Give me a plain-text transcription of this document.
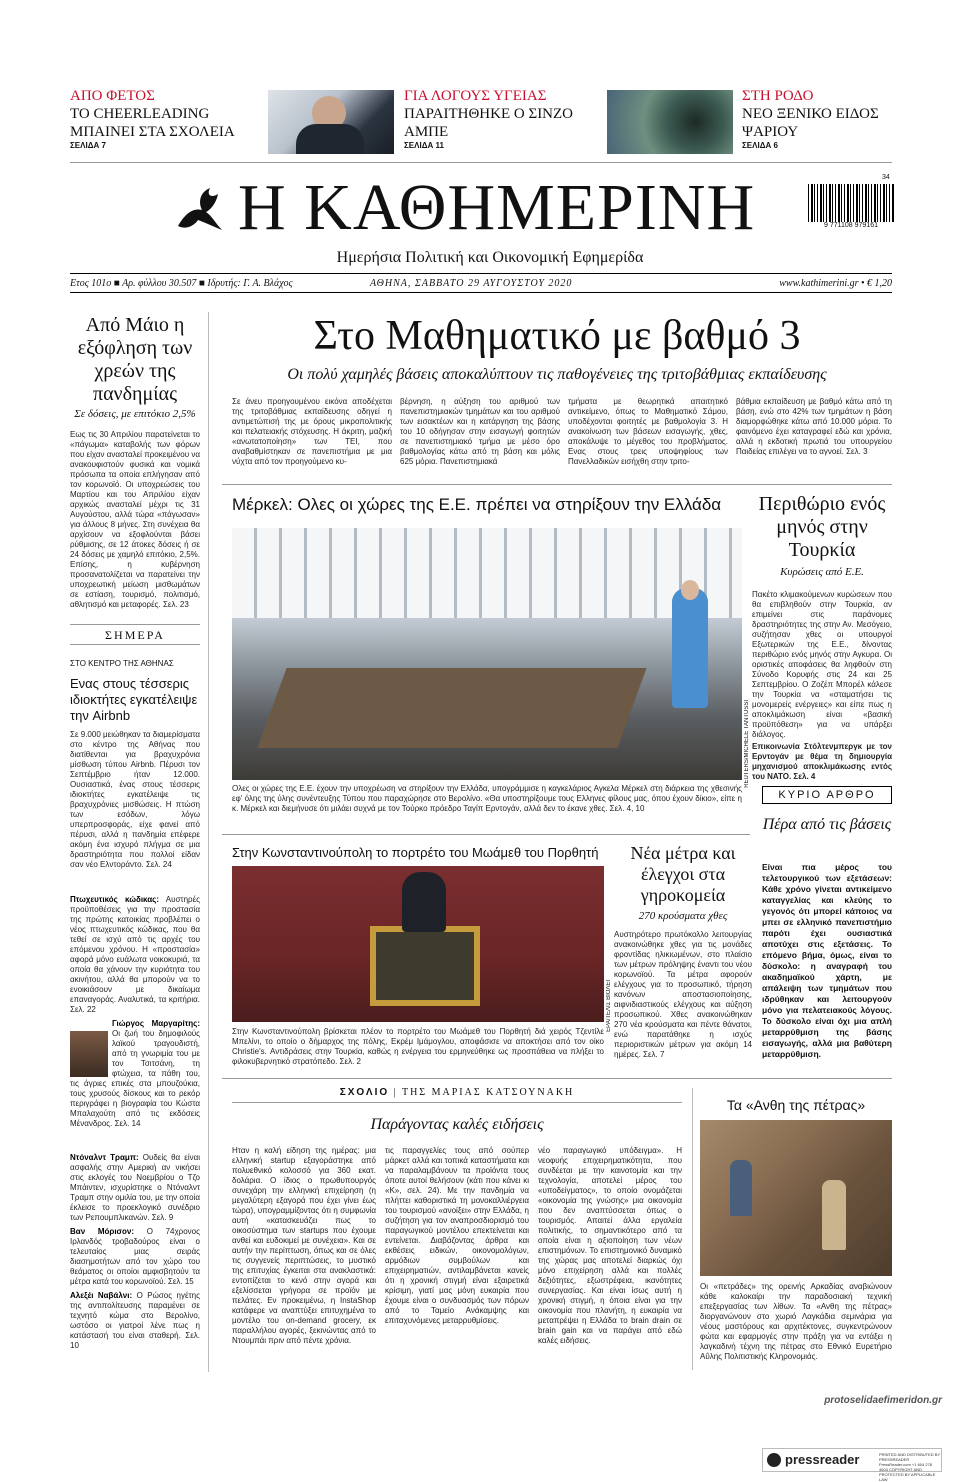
ΑΠΟ ΦΕΤΟΣ
ΤΟ CHEERLEADING ΜΠΑΙΝΕΙ ΣΤΑ ΣΧΟΛΕΙΑ
ΣΕΛΙΔΑ 7
ΓΙΑ ΛΟΓΟΥΣ ΥΓΕΙΑΣ
ΠΑΡΑΙΤΗΘΗΚΕ Ο ΣΙΝΖΟ ΑΜΠΕ
ΣΕΛΙΔΑ 11
ΣΤΗ ΡΟΔΟ
ΝΕΟ ΞΕΝΙΚΟ ΕΙΔΟΣ ΨΑΡΙΟΥ
ΣΕΛΙΔΑ 6
Η ΚΑΘΗΜΕΡΙΝΗ
Ημερήσια Πολιτική και Οικονομική Εφημερίδα
9 771108 979161
34
Ετος 101ο ■ Αρ. φύλλου 30.507 ■ Ιδρυτής: Γ. Α. Βλάχος	ΑΘΗΝΑ, ΣΑΒΒΑΤΟ 29 ΑΥΓΟΥΣΤΟΥ 2020	www.kathimerini.gr • € 1,20
Από Μάιο η εξόφληση των χρεών της πανδημίας
Σε δόσεις, με επιτόκιο 2,5%
Εως τις 30 Απριλίου παρατείνεται το «πάγωμα» καταβολής των φόρων που είχαν ανασταλεί προκειμένου να ανακουφιστούν φυσικά και νομικά πρόσωπα τα οποία επλήγησαν από τον κορωνοϊό. Οι υποχρεώσεις του Μαρτίου και του Απριλίου είχαν αρχικώς ανασταλεί μέχρι τις 31 Αυγούστου, αλλά τώρα «πάγωσαν» για άλλους 8 μήνες. Στη συνέχεια θα αρχίσουν να εξοφλούνται βάσει ρύθμισης, σε 12 άτοκες δόσεις ή σε 24 δόσεις με χαμηλό επιτόκιο, 2,5%. Επίσης, η κυβέρνηση προσανατολίζεται να παρατείνει την υποχρεωτική μείωση μισθωμάτων σε εστίαση, τουρισμό, πολιτισμό, αθλητισμό και μεταφορές. Σελ. 23
ΣΗΜΕΡΑ
ΣΤΟ ΚΕΝΤΡΟ ΤΗΣ ΑΘΗΝΑΣ
Ενας στους τέσσερις ιδιοκτήτες εγκατέλειψε την Airbnb
Σε 9.000 μειώθηκαν τα διαμερίσματα στο κέντρο της Αθήνας που διατίθενται για βραχυχρόνια μίσθωση τύπου Airbnb. Πέρυσι τον Σεπτέμβριο ήταν 12.000. Ουσιαστικά, ένας στους τέσσερις ιδιοκτήτες εγκατέλειψε τις βραχυχρόνιες μισθώσεις. Η πτώση των εσόδων, λόγω υπερπροσφοράς, είχε φανεί από πέρυσι, αλλά η πανδημία επέφερε ακόμη ένα ισχυρό πλήγμα σε μια δραστηριότητα που πολλοί είδαν σαν νέο Ελντοράντο. Σελ. 24
Πτωχευτικός κώδικας: Αυστηρές προϋποθέσεις για την προστασία της πρώτης κατοικίας προβλέπει ο νέος πτωχευτικός κώδικας, που θα τεθεί σε ισχύ από τις αρχές του επόμενου χρόνου. Η «προστασία» αφορά μόνο ευάλωτα νοικοκυριά, τα οποία θα χάνουν την κυριότητα του ακινήτου, αλλά θα μπορούν να το ενοικιάσουν με δικαίωμα επαναγοράς. Αναλυτικά, τα κριτήρια. Σελ. 22
Γιώργος Μαργαρίτης: Οι ζωή του δημοφιλούς λαϊκού τραγουδιστή, από τη γνωριμία του με τον Τσιτσάνη, τη φτώχεια, τα πάθη του, τις άγριες επικές στα μπουζούκια, τους χρυσούς δίσκους και το ρεκόρ περιγράφει η βιογραφία του Κώστα Μπαλαχούτη από τις εκδόσεις Μένανδρος. Σελ. 14
Ντόναλντ Τραμπ: Ουδείς θα είναι ασφαλής στην Αμερική αν νικήσει στις εκλογές του Νοεμβρίου ο Τζο Μπάιντεν, ισχυρίστηκε ο Ντόναλντ Τραμπ στην ομιλία του, με την οποία έκλεισε το προεκλογικό συνέδριο των Ρεπουμπλικανών. Σελ. 9
Βαν Μόρισον: Ο 74χρονος Ιρλανδός τροβαδούρος είναι ο τελευταίος μιας σειράς διασημοτήτων από τον χώρο του θεάματος οι οποίοι αμφισβητούν τα μέτρα κατά του κορωνοϊού. Σελ. 15
Αλεξέι Ναβάλνι: Ο Ρώσος ηγέτης της αντιπολίτευσης παραμένει σε τεχνητό κώμα στο Βερολίνο, ωστόσο οι γιατροί λένε πως η κατάστασή του είναι σταθερή. Σελ. 10
Στο Μαθηματικό με βαθμό 3
Οι πολύ χαμηλές βάσεις αποκαλύπτουν τις παθογένειες της τριτοβάθμιας εκπαίδευσης
Σε άνευ προηγουμένου εικόνα αποδέχεται της τριτοβάθμιας εκπαίδευσης οδηγεί η αντιμετώπισή της με όρους μικροπολιτικής και πελατειακής στόχευσης. Η άκριτη, μαζική «ανωτατοποίηση» των ΤΕΙ, που αναβαθμίστηκαν σε πανεπιστήμια με μια νύχτα από τον προηγούμενο κυ-
βέρνηση, η αύξηση του αριθμού των πανεπιστημιακών τμημάτων και του αριθμού των εισακτέων και η κατάργηση της βάσης του 10 οδήγησαν στην εισαγωγή φοιτητών σε πανεπιστημιακό τμήμα με μέσο όρο βαθμολογίας κάτω από τη βάση και μόλις 625 μόρια. Πανεπιστημιακά
τμήματα με θεωρητικά απαιτητικό αντικείμενο, όπως το Μαθηματικό Σάμου, υποδέχονται φοιτητές με βαθμολογία 3. Η ανακοίνωση των βάσεων εισαγωγής, χθες, αποκάλυψε το μέγεθος του προβλήματος. Ενας στους τρεις υποψηφίους των Πανελλαδικών εισήχθη στην τριτο-
βάθμια εκπαίδευση με βαθμό κάτω από τη βάση, ενώ στο 42% των τμημάτων η βάση διαμορφώθηκε κάτω από 10.000 μόρια. Το φαινόμενο έχει καταγραφεί εδώ και χρόνια, αλλά η εκδοτική πρωτιά του υπουργείου Παιδείας επιλέγει να το αγνοεί. Σελ. 3
Μέρκελ: Ολες οι χώρες της Ε.Ε. πρέπει να στηρίξουν την Ελλάδα
REUTERS/MICHELE TANTUSSI
Ολες οι χώρες της Ε.Ε. έχουν την υποχρέωση να στηρίξουν την Ελλάδα, υπογράμμισε η καγκελάριος Αγκελα Μέρκελ στη διάρκεια της χθεσινής εφ' όλης της ύλης συνέντευξης Τύπου που παραχώρησε στο Βερολίνο. «Θα υποστηρίξουμε τους Ελληνες φίλους μας, όπου έχουν δίκιο», είπε η κ. Μέρκελ και διεμήνυσε ότι μιλάει συχνά με τον Τούρκο πρόεδρο Ταγίπ Ερντογάν, αλλά δεν το έκανε χθες. Σελ. 4, 10
Περιθώριο ενός μηνός στην Τουρκία
Κυρώσεις από Ε.Ε.
Πακέτο κλιμακούμενων κυρώσεων που θα επιβληθούν στην Τουρκία, αν επιμείνει στις παράνομες δραστηριότητες της στην Αν. Μεσόγειο, συζήτησαν χθες οι υπουργοί Εξωτερικών της Ε.Ε., δίνοντας περιθώριο ενός μηνός στην Αγκυρα. Οι οριστικές αποφάσεις θα ληφθούν στη Σύνοδο Κορυφής στις 24 και 25 Σεπτεμβρίου. Ο Ζοζέπ Μπορέλ κάλεσε την Τουρκία να «σταματήσει τις μονομερείς ενέργειες» και είπε πως η αποκλιμάκωση είναι «βασική προϋπόθεση» για να υπάρξει διάλογος.
Επικοινωνία Στόλτενμπεργκ με τον Ερντογάν με θέμα τη δημιουργία μηχανισμού αποκλιμάκωσης εντός του ΝΑΤΟ. Σελ. 4
ΚΥΡΙΟ ΑΡΘΡΟ
Πέρα από τις βάσεις
Είναι πια μέρος του τελετουργικού των εξετάσεων: Κάθε χρόνο γίνεται αντικείμενο καταγγελίας και κλεύης το γεγονός ότι μπορεί κάποιος να μπει σε ελληνικό πανεπιστήμιο παρότι έχει ουσιαστικά αποτύχει στις εξετάσεις. Το επόμενο βήμα, όμως, είναι το δύσκολο: η αναγραφή του ακαδημαϊκού χάρτη, με απάλειψη των τμημάτων που ιδρύθηκαν και λειτουργούν μόνο για πελατειακούς λόγους. Το δύσκολο είναι όχι μια απλή μεταρρύθμιση της βάσης εισαγωγής, αλλά μια βαθύτερη μεταρρύθμιση.
Στην Κωνσταντινούπολη το πορτρέτο του Μωάμεθ του Πορθητή
EPA/ΤΕΛΙΣ ΒΙΟΛΕΙ
Στην Κωνσταντινούπολη βρίσκεται πλέον το πορτρέτο του Μωάμεθ του Πορθητή διά χειρός Τζεντίλε Μπελίνι, το οποίο ο δήμαρχος της πόλης, Εκρέμ Ιμάμογλου, αποφάσισε να αποκτήσει από τον οίκο Christie's. Αντιδράσεις στην Τουρκία, καθώς η ενέργεια του ερμηνεύθηκε ως προσπάθεια να πλήξει το φιλοκυβερνητικό στρατόπεδο. Σελ. 2
Νέα μέτρα και έλεγχοι στα γηροκομεία
270 κρούσματα χθες
Αυστηρότερο πρωτόκολλο λειτουργίας ανακοινώθηκε χθες για τις μονάδες φροντίδας ηλικιωμένων, στο πλαίσιο των μέτρων πρόληψης έναντι του νέου κορωνοϊού. Τα μέτρα αφορούν ελέγχους για το προσωπικό, τήρηση κανόνων αποστασιοποίησης, αιφνιδιαστικούς ελέγχους και αύξηση προσωπικού. Χθες ανακοινώθηκαν 270 νέα κρούσματα και πέντε θάνατοι, ενώ παρατάθηκε η ισχύς περιοριστικών μέτρων για ακόμη 14 ημέρες. Σελ. 7
ΣΧΟΛΙΟ | ΤΗΣ ΜΑΡΙΑΣ ΚΑΤΣΟΥΝΑΚΗ
Παράγοντας καλές ειδήσεις
Ηταν η καλή είδηση της ημέρας: μια ελληνική startup εξαγοράστηκε από πολυεθνικό κολοσσό για 360 εκατ. δολάρια. Ο ίδιος ο πρωθυπουργός συνεχάρη την ελληνική επιχείρηση (η μεγαλύτερη εξαγορά που έχει γίνει έως τώρα), υπογραμμίζοντας ότι η συμφωνία αυτή «κατασκευάζει πως το οικοσύστημα των startups που έχουμε ανθεί και ευδοκιμεί με συνέχεια». Και σε αυτήν την περίπτωση, όπως και σε όλες τις συγγενείς περιπτώσεις, το μυστικό της επιτυχίας έγκειται στα ανακλαστικά: εντοπίζεται το κενό στην αγορά και εξελίσσεται γρήγορα σε προϊόν με πελάτες. Εν προκειμένω, η InstaShop κατάφερε να αναπτύξει επιτυχημένα το μοντέλο του on-demand grocery, εκ παραλλήλου αγορές, ξεκινώντας από το Ντουμπάι πριν από πέντε χρόνια.
τις παραγγελίες τους από σούπερ μάρκετ αλλά και τοπικά καταστήματα και να παραλαμβάνουν τα προϊόντα τους όποτε αυτοί θελήσουν (κάτι που κάνει κι «Κ», σελ. 24). Με την πανδημία να πλήττει καθοριστικά τη μονοκαλλιέργεια του τουρισμού «ανοίξει» στην Ελλάδα, η συζήτηση για τον αναπροσδιορισμό του παραγωγικού μοντέλου επεκτείνεται και εντείνεται. Διαβάζοντας άρθρα και εκθέσεις ειδικών, οικονομολόγων, αρμόδιων συμβούλων και επιχειρηματιών, αντιλαμβάνεται κανείς ότι η χρονική στιγμή είναι εξαιρετικά κρίσιμη, γιατί μας μόνη ευκαιρία που έχουμε είναι ο συνδυασμός των πόρων από το Ταμείο Ανάκαμψης και επιταχυνόμενες μεταρρυθμίσεις.
νέο παραγωγικό υπόδειγμα». Η νεοφυής επιχειρηματικότητα, που συνδέεται με την καινοτομία και την τεχνολογία, αποτελεί μέρος του «υποδείγματος», το οποίο ονομάζεται «οικονομία της γνώσης» μια οικονομία που δεν αναπτύσσεται όπως ο τουρισμός. Απαιτεί άλλα εργαλεία πολιτικής, το σημαντικότερο από τα οποία είναι η αξιοποίηση των νέων επιστημόνων. Το επιστημονικό δυναμικό της χώρας μας αποτελεί διαρκώς όχι μόνο επιχείρηση αλλά και πολλές δεξιότητες, εξωστρέφεια, ικανότητες συνεργασίας. Και είναι ίσως αυτή η χρονική στιγμή, η όποια είναι για την οικονομία που πλανήτη, η ευκαιρία να μεταπρέψει η Ελλάδα το brain drain σε brain gain και να παράγει από εδώ καλές ειδήσεις.
Τα «Ανθη της πέτρας»
Οι «πετράδες» της ορεινής Αρκαδίας αναβιώνουν κάθε καλοκαίρι την παραδοσιακή τεχνική επεξεργασίας των λίθων. Τα «Ανθη της πέτρας» διοργανώνουν στο χωριό Λαγκάδια σεμινάρια για νέους μαστόρους και αρχιτέκτονες, συγκεντρώνουν φώτα και εφαρμογές στην πράξη για να εντάξει η λαγκαδινή τέχνη της πέτρας στο Εθνικό Ευρετήριο Αΰλης Πολιτιστικής Κληρονομιάς.
protoselidaefimeridon.gr
pressreader	PRINTED AND DISTRIBUTED BY PRESSREADER PressReader.com +1 604 278 4604 COPYRIGHT AND PROTECTED BY APPLICABLE LAW
